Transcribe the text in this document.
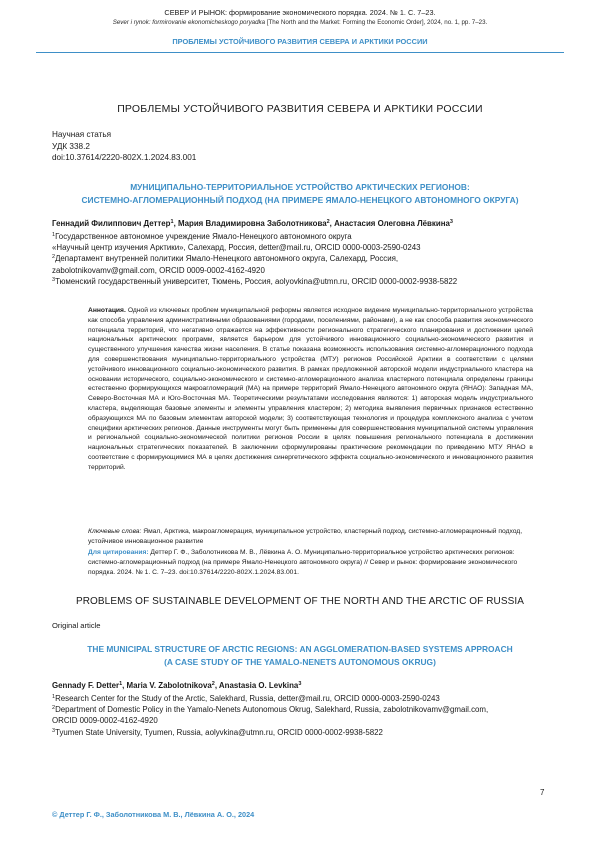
СЕВЕР И РЫНОК: формирование экономического порядка. 2024. № 1. С. 7–23.
Sever i rynok: formirovanie ekonomicheskogo poryadka [The North and the Market: Forming the Economic Order], 2024, no. 1, pp. 7–23.
ПРОБЛЕМЫ УСТОЙЧИВОГО РАЗВИТИЯ СЕВЕРА И АРКТИКИ РОССИИ
ПРОБЛЕМЫ УСТОЙЧИВОГО РАЗВИТИЯ СЕВЕРА И АРКТИКИ РОССИИ
Научная статья
УДК 338.2
doi:10.37614/2220-802X.1.2024.83.001
МУНИЦИПАЛЬНО-ТЕРРИТОРИАЛЬНОЕ УСТРОЙСТВО АРКТИЧЕСКИХ РЕГИОНОВ:
СИСТЕМНО-АГЛОМЕРАЦИОННЫЙ ПОДХОД (НА ПРИМЕРЕ ЯМАЛО-НЕНЕЦКОГО АВТОНОМНОГО ОКРУГА)
Геннадий Филиппович Деттер$^1$, Мария Владимировна Заболотникова$^2$, Анастасия Олеговна Лёвкина$^3$

$^1$Государственное автономное учреждение Ямало-Ненецкого автономного округа

«Научный центр изучения Арктики», Салехард, Россия, detter@mail.ru, ORCID 0000-0003-2590-0243

$^2$Департамент внутренней политики Ямало-Ненецкого автономного округа, Салехард, Россия,

zabolotnikovamv@gmail.com, ORCID 0009-0002-4162-4920

$^3$Тюменский государственный университет, Тюмень, Россия, aolyovkina@utmn.ru, ORCID 0000-0002-9938-5822

Аннотация. Одной из ключевых проблем муниципальной реформы является исходное видение муниципально-территориального устройства как способа управления административными образованиями (городами, поселениями, районами), а не как способа развития экономического потенциала территорий, что негативно отражается на эффективности регионального стратегического планирования и достижении целей национальных арктических программ, является барьером для устойчивого инновационного социально-экономического развития и существенного улучшения качества жизни населения. В статье показана возможность использования системно-агломерационного подхода для совершенствования муниципально-территориального устройства (МТУ) регионов Российской Арктики в соответствии с целями устойчивого инновационного социально-экономического развития. В рамках предложенной авторской модели индустриального кластера на основании исторического, социально-экономического и системно-агломерационного анализа кластерного потенциала определены границы естественно формирующихся макроагломераций (МА) на примере территорий Ямало-Ненецкого автономного округа (ЯНАО): Западная МА, Северо-Восточная МА и Юго-Восточная МА. Теоретическими результатами исследования являются: 1) авторская модель индустриального кластера, выделяющая базовые элементы и элементы управления кластером; 2) методика выявления первичных признаков естественно образующихся МА по базовым элементам авторской модели; 3) соответствующая технология и процедура комплексного анализа с учетом специфики арктических регионов. Данные инструменты могут быть применены для совершенствования муниципальной системы управления и региональной социально-экономической политики регионов России в целях повышения регионального потенциала в достижении национальных стратегических показателей. В заключении сформулированы практические рекомендации по приведению МТУ ЯНАО в соответствие с формирующимися МА в целях достижения синергетического эффекта социально-экономического и инновационного развития территорий.
Ключевые слова: Ямал, Арктика, макроагломерация, муниципальное устройство, кластерный подход, системно-агломерационный подход, устойчивое инновационное развитие
Для цитирования: Деттер Г. Ф., Заболотникова М. В., Лёвкина А. О. Муниципально-территориальное устройство арктических регионов: системно-агломерационный подход (на примере Ямало-Ненецкого автономного округа) // Север и рынок: формирование экономического порядка. 2024. № 1. С. 7–23. doi:10.37614/2220-802X.1.2024.83.001.
PROBLEMS OF SUSTAINABLE DEVELOPMENT OF THE NORTH AND THE ARCTIC OF RUSSIA
Original article
THE MUNICIPAL STRUCTURE OF ARCTIC REGIONS: AN AGGLOMERATION-BASED SYSTEMS APPROACH
(A CASE STUDY OF THE YAMALO-NENETS AUTONOMOUS OKRUG)
Gennady F. Detter$^1$, Maria V. Zabolotnikova$^2$, Anastasia O. Levkina$^3$

$^1$Research Center for the Study of the Arctic, Salekhard, Russia, detter@mail.ru, ORCID 0000-0003-2590-0243

$^2$Department of Domestic Policy in the Yamalo-Nenets Autonomous Okrug, Salekhard, Russia, zabolotnikovamv@gmail.com,

ORCID 0009-0002-4162-4920

$^3$Tyumen State University, Tyumen, Russia, aolyvkina@utmn.ru, ORCID 0000-0002-9938-5822

7
© Деттер Г. Ф., Заболотникова М. В., Лёвкина А. О., 2024
